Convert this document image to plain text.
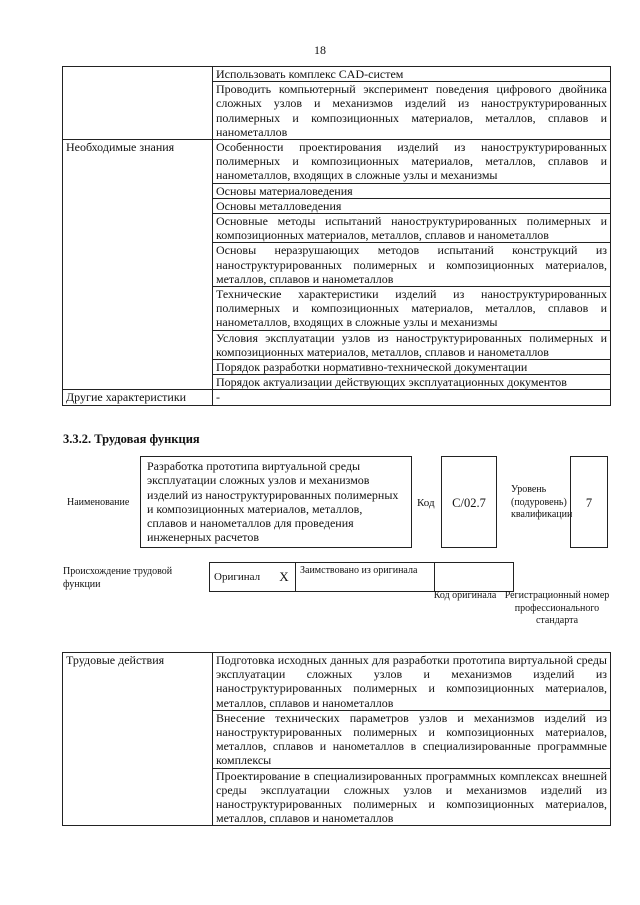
18
	Использовать комплекс CAD-систем
	Проводить компьютерный эксперимент поведения цифрового двойника сложных узлов и механизмов изделий из наноструктурированных полимерных и композиционных материалов, металлов, сплавов и нанометаллов
Необходимые знания	Особенности проектирования изделий из наноструктурированных полимерных и композиционных материалов, металлов, сплавов и нанометаллов, входящих в сложные узлы и механизмы
	Основы материаловедения
	Основы металловедения
	Основные методы испытаний наноструктурированных полимерных и композиционных материалов, металлов, сплавов и нанометаллов
	Основы неразрушающих методов испытаний конструкций из наноструктурированных полимерных и композиционных материалов, металлов, сплавов и нанометаллов
	Технические характеристики изделий из наноструктурированных полимерных и композиционных материалов, металлов, сплавов и нанометаллов, входящих в сложные узлы и механизмы
	Условия эксплуатации узлов из наноструктурированных полимерных и композиционных материалов, металлов, сплавов и нанометаллов
	Порядок разработки нормативно-технической документации
	Порядок актуализации действующих эксплуатационных документов
Другие характеристики	-
3.3.2. Трудовая функция
Наименование
Разработка прототипа виртуальной среды эксплуатации сложных узлов и механизмов изделий из наноструктурированных полимерных и композиционных материалов, металлов, сплавов и нанометаллов для проведения инженерных расчетов
Код	С/02.7
Уровень (подуровень) квалификации
7
Происхождение трудовой функции
Оригинал	X	Заимствовано из оригинала		
Код оригинала Регистрационный номер профессионального стандарта
Трудовые действия	Подготовка исходных данных для разработки прототипа виртуальной среды эксплуатации сложных узлов и механизмов изделий из наноструктурированных полимерных и композиционных материалов, металлов, сплавов и нанометаллов
Внесение технических параметров узлов и механизмов изделий из наноструктурированных полимерных и композиционных материалов, металлов, сплавов и нанометаллов в специализированные программные комплексы
Проектирование в специализированных программных комплексах внешней среды эксплуатации сложных узлов и механизмов изделий из наноструктурированных полимерных и композиционных материалов, металлов, сплавов и нанометаллов
